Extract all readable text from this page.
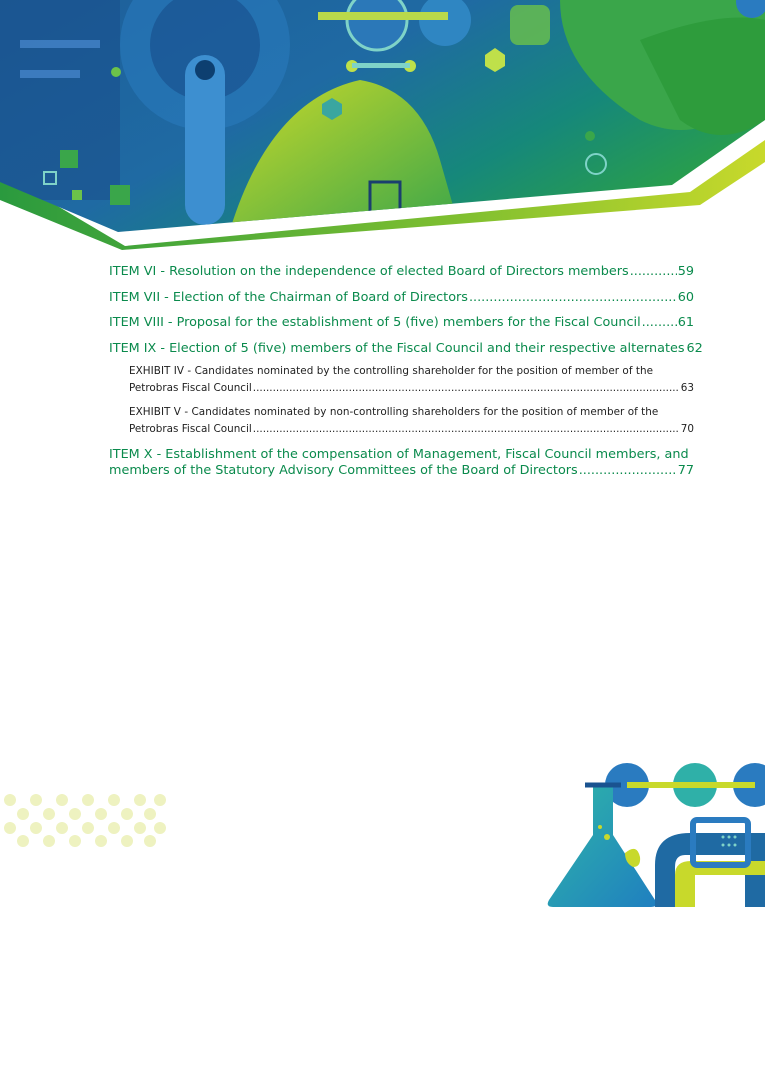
ITEM VI - Resolution on the independence of elected Board of Directors members .....	59
ITEM VII - Election of the Chairman of Board of Directors .....	60
ITEM VIII - Proposal for the establishment of 5 (five) members for the Fiscal Council .....	61
ITEM IX - Election of 5 (five) members of the Fiscal Council and their respective alternates 62
EXHIBIT IV - Candidates nominated by the controlling shareholder for the position of member of the
Petrobras Fiscal Council .....	63
EXHIBIT V - Candidates nominated by non-controlling shareholders for the position of member of the
Petrobras Fiscal Council .....	70
ITEM X - Establishment of the compensation of Management, Fiscal Council members, and
members of the Statutory Advisory Committees of the Board of Directors .....	77
